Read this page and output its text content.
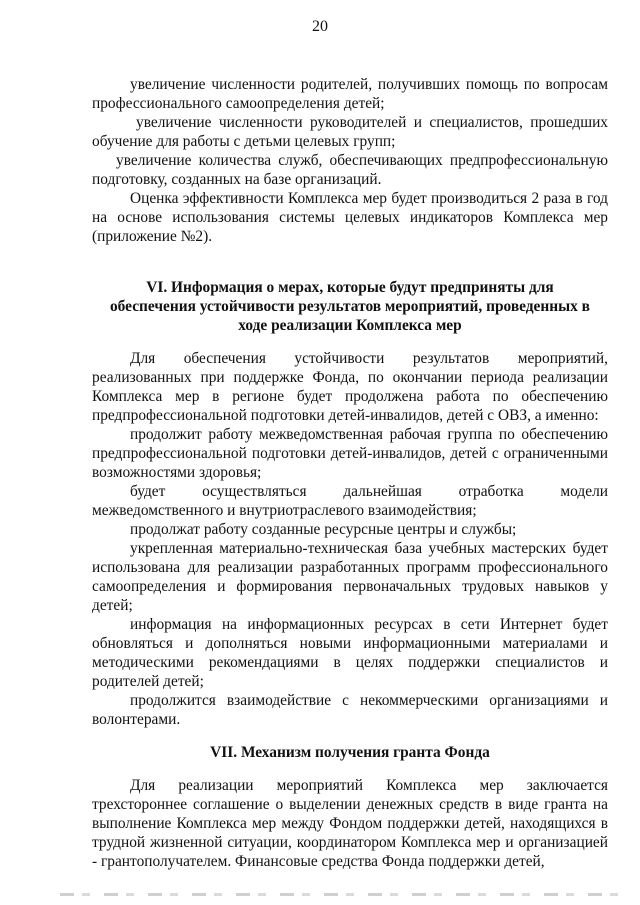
20

увеличение численности родителей, получивших помощь по вопросам профессионального самоопределения детей;

увеличение численности руководителей и специалистов, прошедших обучение для работы с детьми целевых групп;

увеличение количества служб, обеспечивающих предпрофессиональную подготовку, созданных на базе организаций.

Оценка эффективности Комплекса мер будет производиться 2 раза в год на основе использования системы целевых индикаторов Комплекса мер (приложение №2).

VI. Информация о мерах, которые будут предприняты для

обеспечения устойчивости результатов мероприятий, проведенных в

ходе реализации Комплекса мер

Для обеспечения устойчивости результатов мероприятий, реализованных при поддержке Фонда, по окончании периода реализации Комплекса мер в регионе будет продолжена работа по обеспечению предпрофессиональной подготовки детей-инвалидов, детей с ОВЗ, а именно:

продолжит работу межведомственная рабочая группа по обеспечению предпрофессиональной подготовки детей-инвалидов, детей с ограниченными возможностями здоровья;

будет осуществляться дальнейшая отработка модели межведомственного и внутриотраслевого взаимодействия;

продолжат работу созданные ресурсные центры и службы;

укрепленная материально-техническая база учебных мастерских будет использована для реализации разработанных программ профессионального самоопределения и формирования первоначальных трудовых навыков у детей;

информация на информационных ресурсах в сети Интернет будет обновляться и дополняться новыми информационными материалами и методическими рекомендациями в целях поддержки специалистов и родителей детей;

продолжится взаимодействие с некоммерческими организациями и волонтерами.

VII. Механизм получения гранта Фонда

Для реализации мероприятий Комплекса мер заключается трехстороннее соглашение о выделении денежных средств в виде гранта на выполнение Комплекса мер между Фондом поддержки детей, находящихся в трудной жизненной ситуации, координатором Комплекса мер и организацией - грантополучателем. Финансовые средства Фонда поддержки детей,
